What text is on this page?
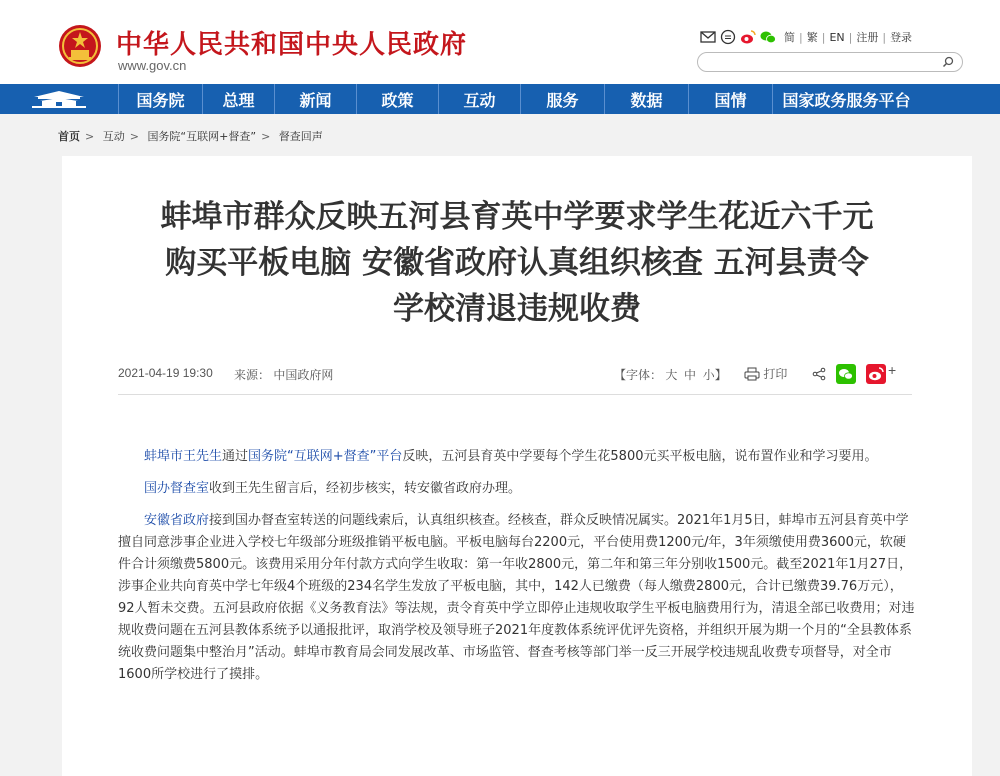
中华人民共和国中央人民政府
www.gov.cn
简 | 繁 | EN | 注册 | 登录
国务院	总理	新闻	政策	互动	服务	数据	国情	国家政务服务平台
首页 > 互动 > 国务院“互联网+督查” > 督查回声
蚌埠市群众反映五河县育英中学要求学生花近六千元
购买平板电脑 安徽省政府认真组织核查 五河县责令
学校清退违规收费
2021-04-19 19:30 来源： 中国政府网	【字体： 大 中 小】
	打印

	+

蚌埠市王先生通过国务院“互联网+督查”平台反映，五河县育英中学要每个学生花5800元买平板电脑，说布置作业和学习要用。

国办督查室收到王先生留言后，经初步核实，转安徽省政府办理。

安徽省政府接到国办督查室转送的问题线索后，认真组织核查。经核查，群众反映情况属实。2021年1月5日，蚌埠市五河县育英中学擅自同意涉事企业进入学校七年级部分班级推销平板电脑。平板电脑每台2200元，平台使用费1200元/年，3年须缴使用费3600元，软硬件合计须缴费5800元。该费用采用分年付款方式向学生收取：第一年收2800元，第二年和第三年分别收1500元。截至2021年1月27日，涉事企业共向育英中学七年级4个班级的234名学生发放了平板电脑，其中，142人已缴费（每人缴费2800元，合计已缴费39.76万元），92人暂未交费。五河县政府依据《义务教育法》等法规，责令育英中学立即停止违规收取学生平板电脑费用行为，清退全部已收费用；对违规收费问题在五河县教体系统予以通报批评，取消学校及领导班子2021年度教体系统评优评先资格，并组织开展为期一个月的“全县教体系统收费问题集中整治月”活动。蚌埠市教育局会同发展改革、市场监管、督查考核等部门举一反三开展学校违规乱收费专项督导，对全市1600所学校进行了摸排。
